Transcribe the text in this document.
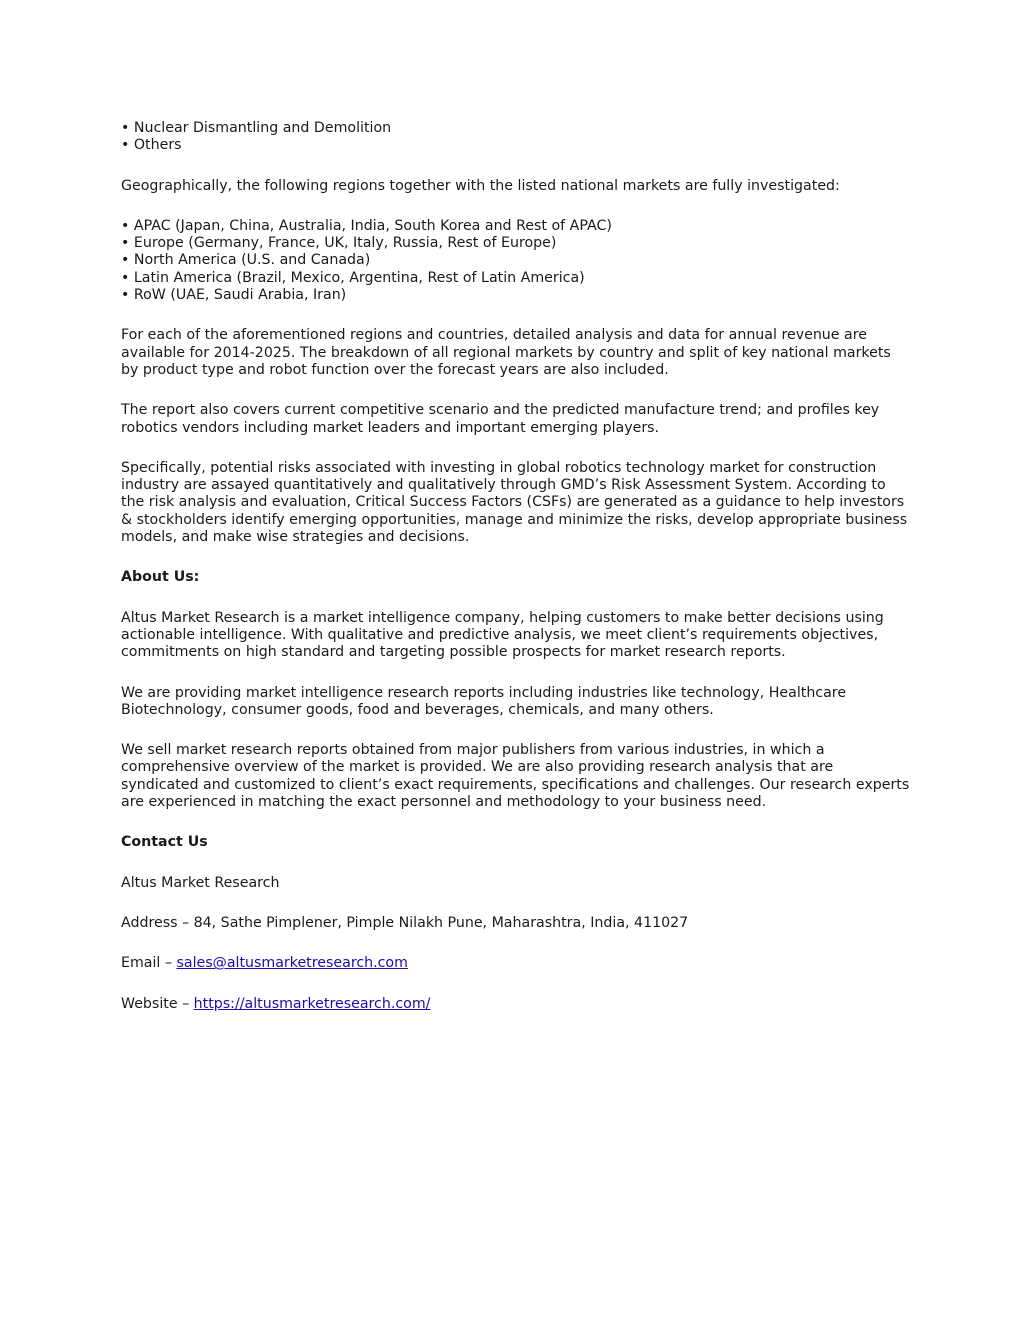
• Nuclear Dismantling and Demolition
• Others

Geographically, the following regions together with the listed national markets are fully investigated:

• APAC (Japan, China, Australia, India, South Korea and Rest of APAC)
• Europe (Germany, France, UK, Italy, Russia, Rest of Europe)
• North America (U.S. and Canada)
• Latin America (Brazil, Mexico, Argentina, Rest of Latin America)
• RoW (UAE, Saudi Arabia, Iran)

For each of the aforementioned regions and countries, detailed analysis and data for annual revenue are available for 2014-2025. The breakdown of all regional markets by country and split of key national markets by product type and robot function over the forecast years are also included.

The report also covers current competitive scenario and the predicted manufacture trend; and profiles key robotics vendors including market leaders and important emerging players.

Specifically, potential risks associated with investing in global robotics technology market for construction industry are assayed quantitatively and qualitatively through GMD’s Risk Assessment System. According to the risk analysis and evaluation, Critical Success Factors (CSFs) are generated as a guidance to help investors & stockholders identify emerging opportunities, manage and minimize the risks, develop appropriate business models, and make wise strategies and decisions.

About Us:

Altus Market Research is a market intelligence company, helping customers to make better decisions using actionable intelligence. With qualitative and predictive analysis, we meet client’s requirements objectives, commitments on high standard and targeting possible prospects for market research reports.

We are providing market intelligence research reports including industries like technology, Healthcare Biotechnology, consumer goods, food and beverages, chemicals, and many others.

We sell market research reports obtained from major publishers from various industries, in which a comprehensive overview of the market is provided. We are also providing research analysis that are syndicated and customized to client’s exact requirements, specifications and challenges. Our research experts are experienced in matching the exact personnel and methodology to your business need.

Contact Us

Altus Market Research

Address – 84, Sathe Pimplener, Pimple Nilakh Pune, Maharashtra, India, 411027

Email – sales@altusmarketresearch.com

Website – https://altusmarketresearch.com/
